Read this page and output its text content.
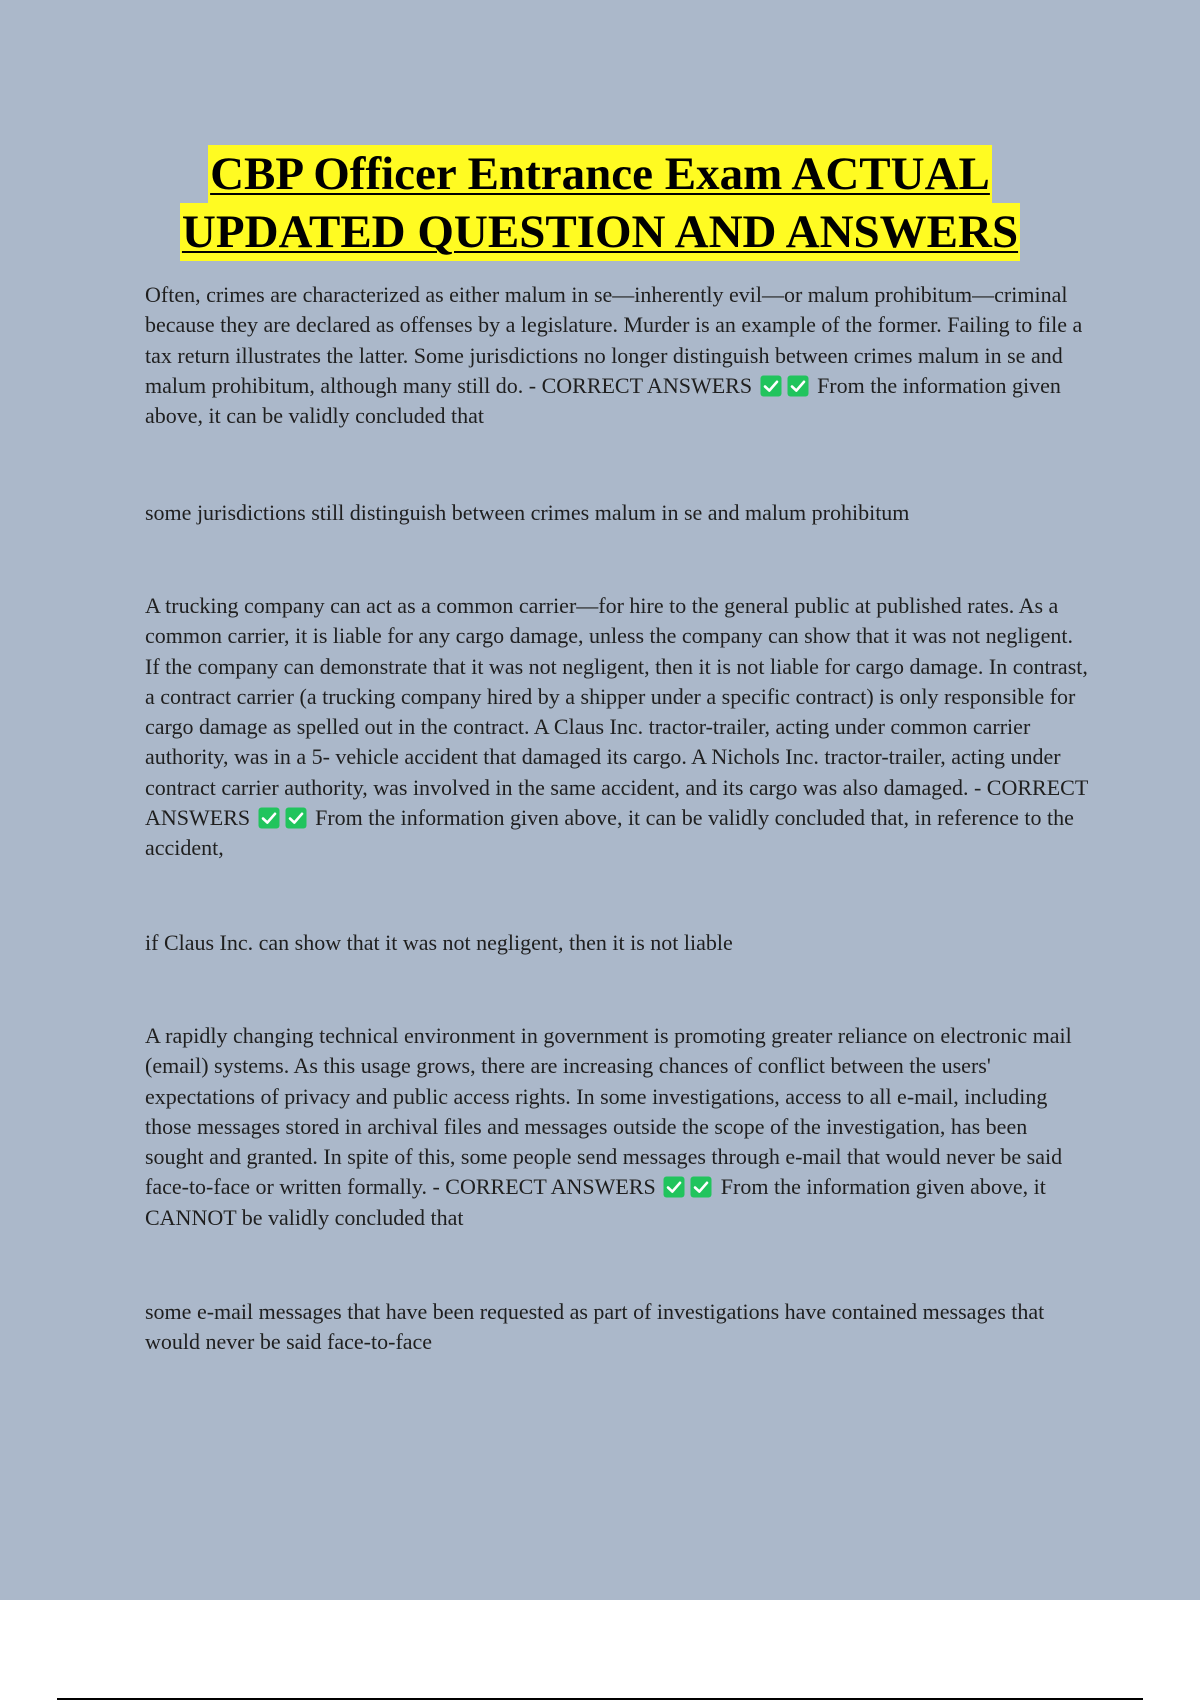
CBP Officer Entrance Exam ACTUAL
UPDATED QUESTION AND ANSWERS

Often, crimes are characterized as either malum in se—inherently evil—or malum prohibitum—criminal because they are declared as offenses by a legislature. Murder is an example of the former. Failing to file a tax return illustrates the latter. Some jurisdictions no longer distinguish between crimes malum in se and malum prohibitum, although many still do. - CORRECT ANSWERS	From the information given above, it can be validly concluded that

some jurisdictions still distinguish between crimes malum in se and malum prohibitum

A trucking company can act as a common carrier—for hire to the general public at published rates. As a common carrier, it is liable for any cargo damage, unless the company can show that it was not negligent. If the company can demonstrate that it was not negligent, then it is not liable for cargo damage. In contrast, a contract carrier (a trucking company hired by a shipper under a specific contract) is only responsible for cargo damage as spelled out in the contract. A Claus Inc. tractor-trailer, acting under common carrier authority, was in a 5- vehicle accident that damaged its cargo. A Nichols Inc. tractor-trailer, acting under contract carrier authority, was involved in the same accident, and its cargo was also damaged. - CORRECT ANSWERS	From the information given above, it can be validly concluded that, in reference to the accident,

if Claus Inc. can show that it was not negligent, then it is not liable

A rapidly changing technical environment in government is promoting greater reliance on electronic mail (email) systems. As this usage grows, there are increasing chances of conflict between the users' expectations of privacy and public access rights. In some investigations, access to all e-mail, including those messages stored in archival files and messages outside the scope of the investigation, has been sought and granted. In spite of this, some people send messages through e-mail that would never be said face-to-face or written formally. - CORRECT ANSWERS	From the information given above, it CANNOT be validly concluded that

some e-mail messages that have been requested as part of investigations have contained messages that would never be said face-to-face
